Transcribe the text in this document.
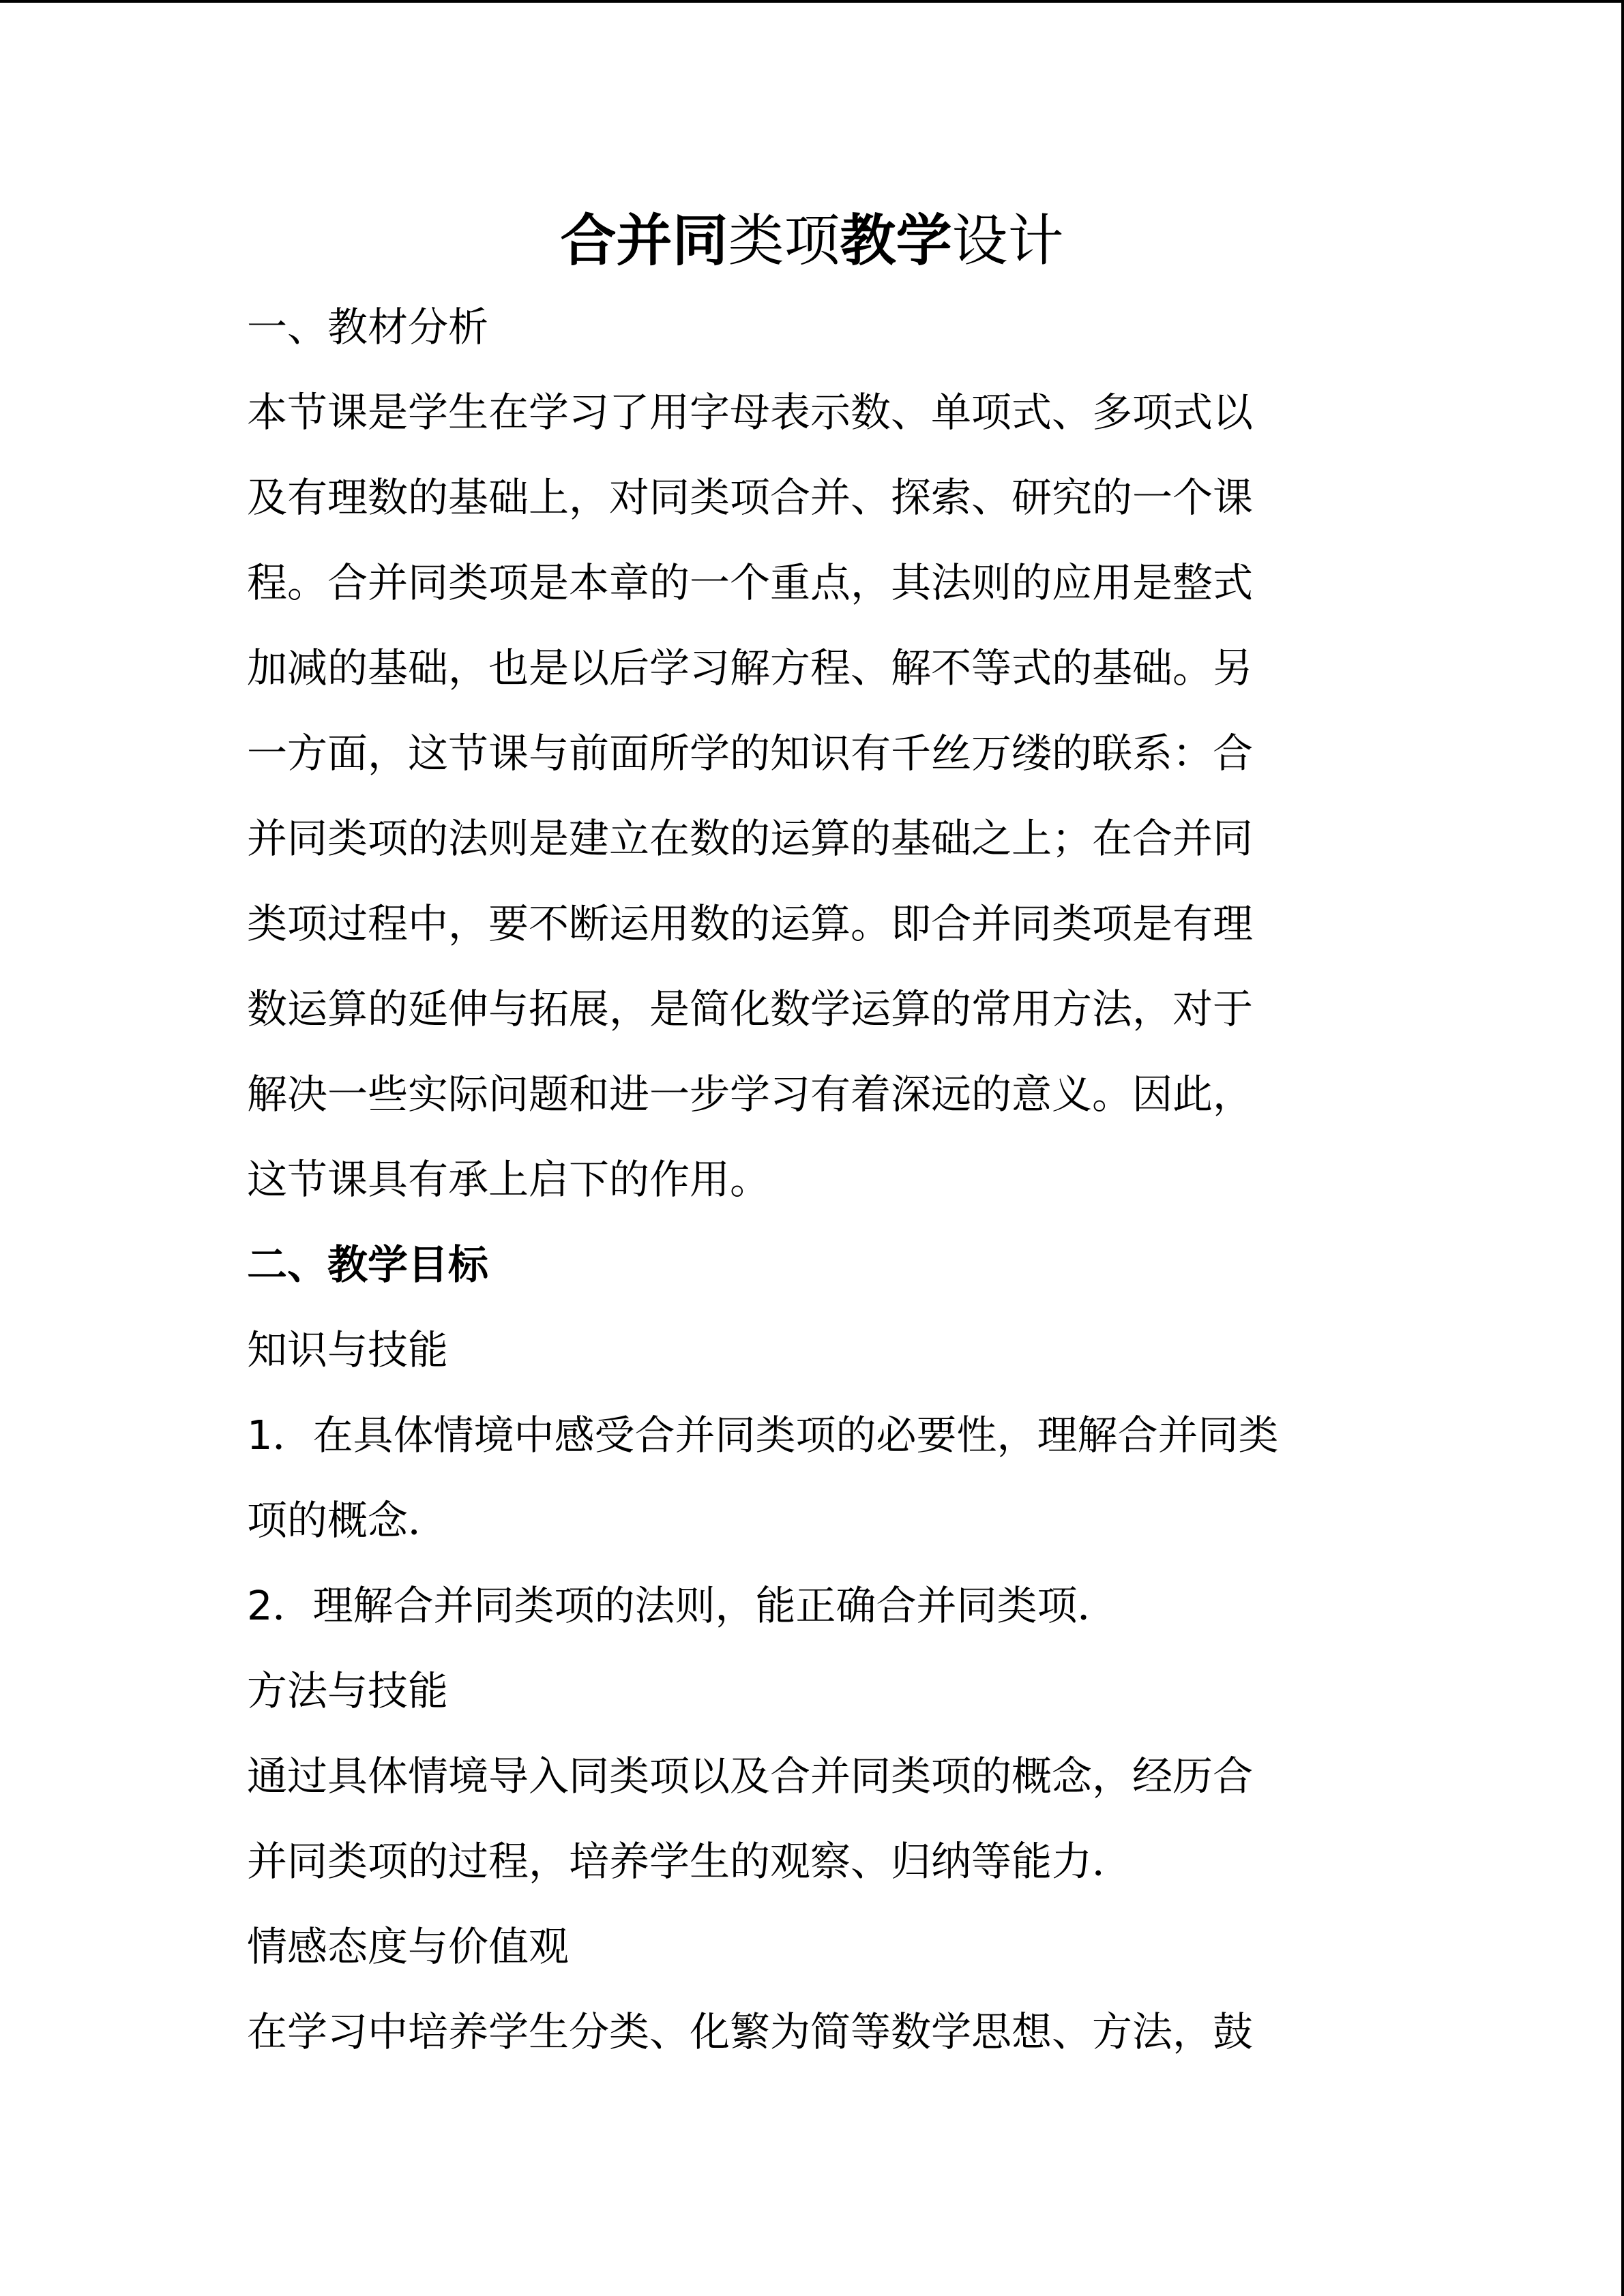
合并同类项教学设计
一、教材分析
本节课是学生在学习了用字母表示数、单项式、多项式以
及有理数的基础上，对同类项合并、探索、研究的一个课
程。合并同类项是本章的一个重点，其法则的应用是整式
加减的基础，也是以后学习解方程、解不等式的基础。另
一方面，这节课与前面所学的知识有千丝万缕的联系：合
并同类项的法则是建立在数的运算的基础之上；在合并同
类项过程中，要不断运用数的运算。即合并同类项是有理
数运算的延伸与拓展，是简化数学运算的常用方法，对于
解决一些实际问题和进一步学习有着深远的意义。因此，
这节课具有承上启下的作用。
二、教学目标
知识与技能
1．在具体情境中感受合并同类项的必要性，理解合并同类
项的概念．
2．理解合并同类项的法则，能正确合并同类项．
方法与技能
通过具体情境导入同类项以及合并同类项的概念，经历合
并同类项的过程，培养学生的观察、归纳等能力．
情感态度与价值观
在学习中培养学生分类、化繁为简等数学思想、方法，鼓
